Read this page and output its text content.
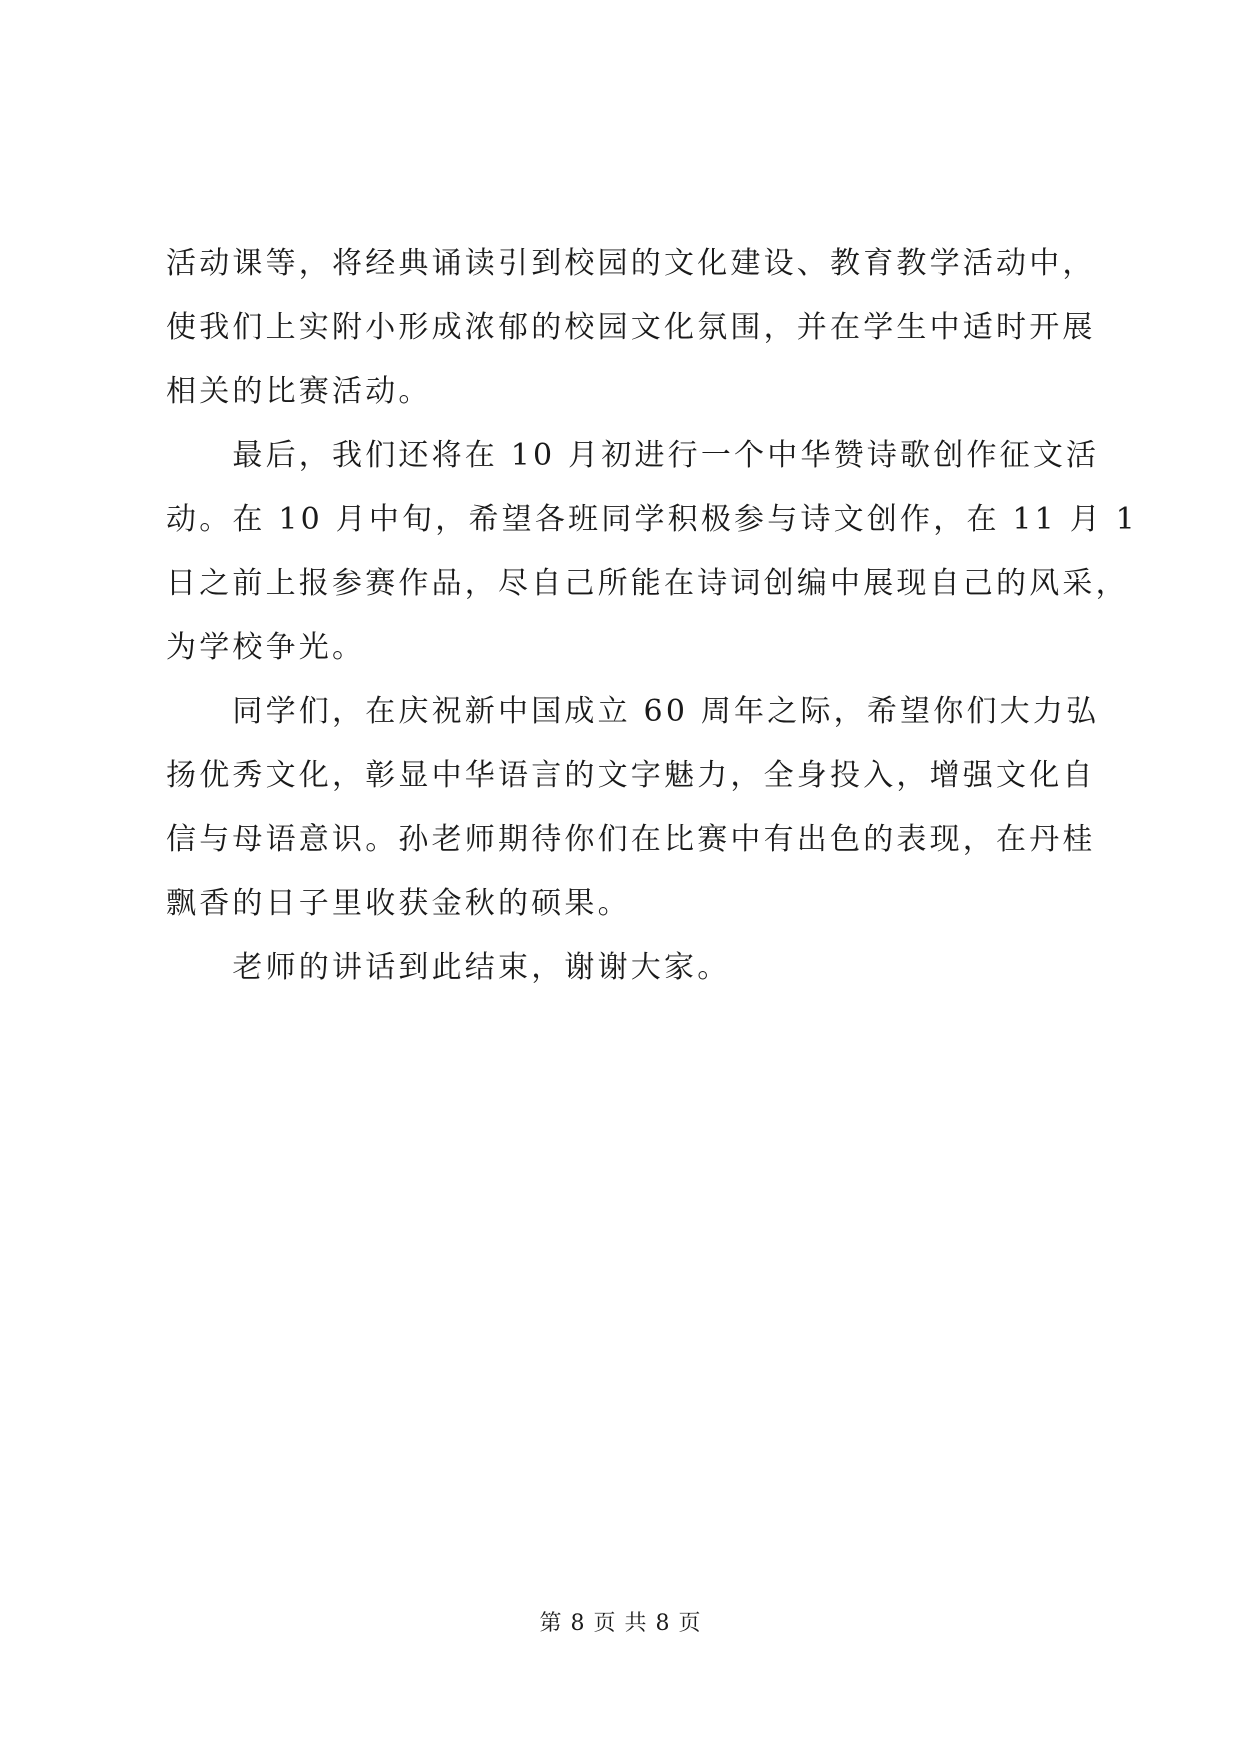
活动课等，将经典诵读引到校园的文化建设、教育教学活动中，
使我们上实附小形成浓郁的校园文化氛围，并在学生中适时开展
相关的比赛活动。
　　最后，我们还将在 10 月初进行一个中华赞诗歌创作征文活
动。在 10 月中旬，希望各班同学积极参与诗文创作，在 11 月 1
日之前上报参赛作品，尽自己所能在诗词创编中展现自己的风采，
为学校争光。
　　同学们，在庆祝新中国成立 60 周年之际，希望你们大力弘
扬优秀文化，彰显中华语言的文字魅力，全身投入，增强文化自
信与母语意识。孙老师期待你们在比赛中有出色的表现，在丹桂
飘香的日子里收获金秋的硕果。
　　老师的讲话到此结束，谢谢大家。
第 8 页 共 8 页
